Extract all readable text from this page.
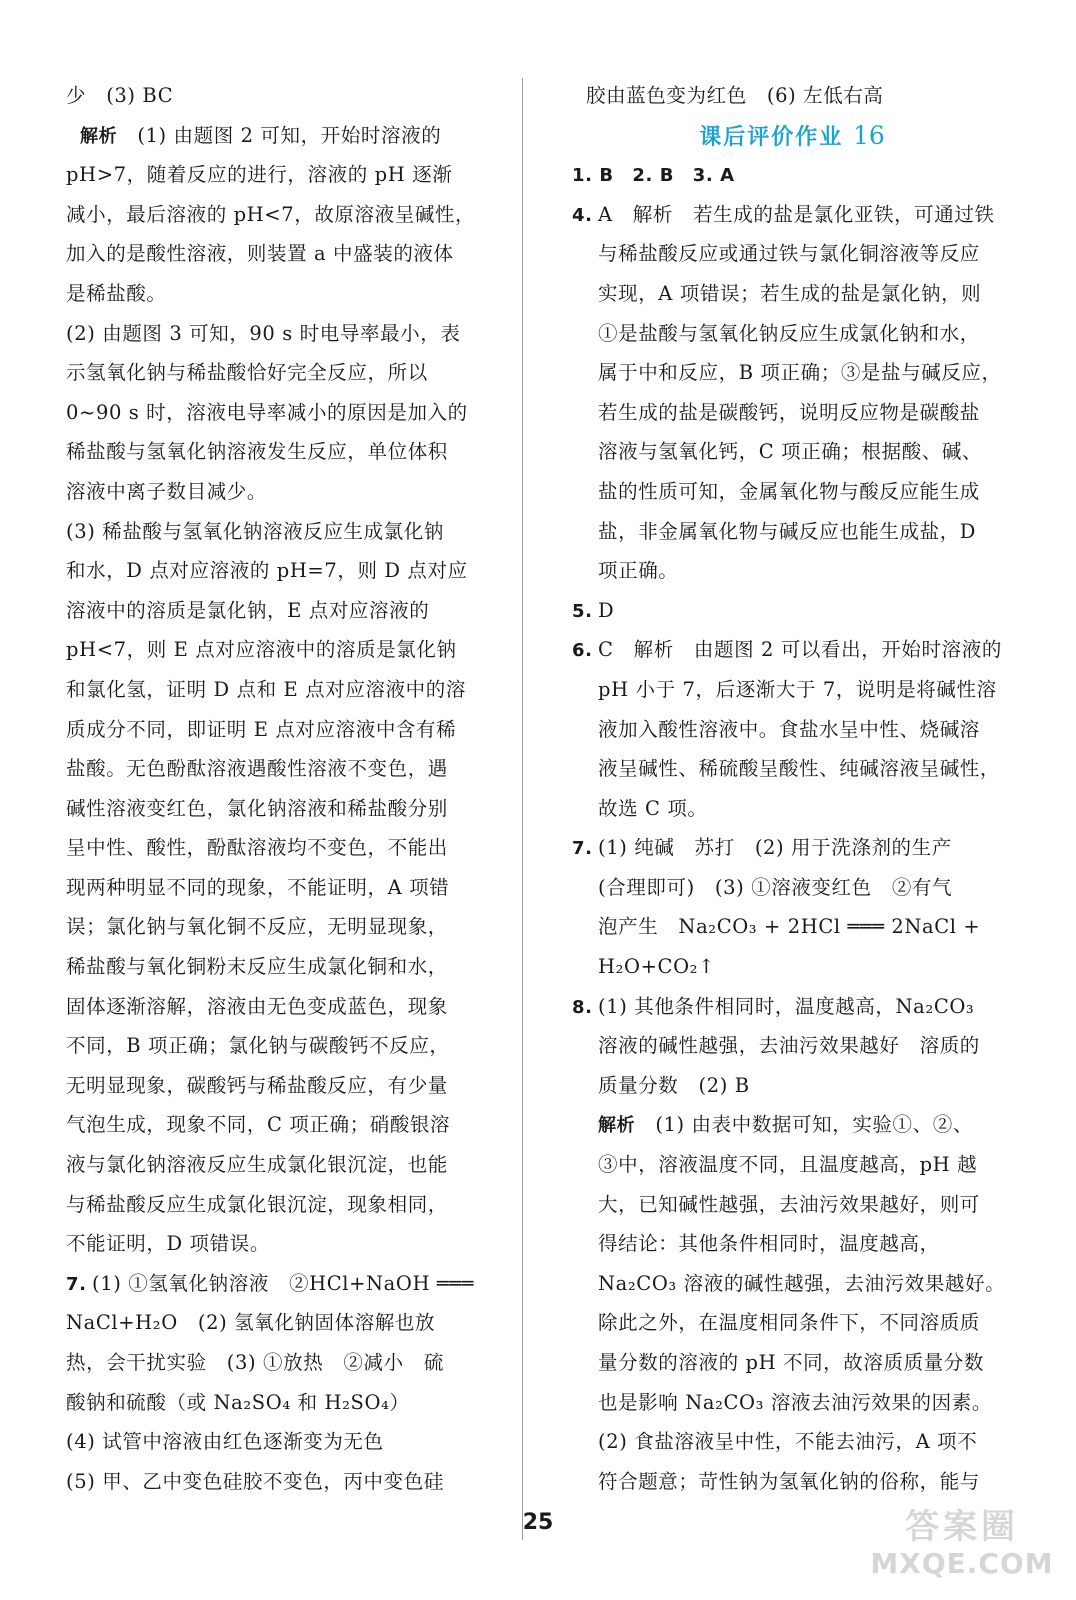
少　(3) BC
解析　 (1) 由题图 2 可知，开始时溶液的
pH>7，随着反应的进行，溶液的 pH 逐渐
减小，最后溶液的 pH<7，故原溶液呈碱性，
加入的是酸性溶液，则装置 a 中盛装的液体
是稀盐酸。
(2) 由题图 3 可知，90 s 时电导率最小，表
示氢氧化钠与稀盐酸恰好完全反应，所以
0~90 s 时，溶液电导率减小的原因是加入的
稀盐酸与氢氧化钠溶液发生反应，单位体积
溶液中离子数目减少。
(3) 稀盐酸与氢氧化钠溶液反应生成氯化钠
和水，D 点对应溶液的 pH=7，则 D 点对应
溶液中的溶质是氯化钠，E 点对应溶液的
pH<7，则 E 点对应溶液中的溶质是氯化钠
和氯化氢，证明 D 点和 E 点对应溶液中的溶
质成分不同，即证明 E 点对应溶液中含有稀
盐酸。无色酚酞溶液遇酸性溶液不变色，遇
碱性溶液变红色，氯化钠溶液和稀盐酸分别
呈中性、酸性，酚酞溶液均不变色，不能出
现两种明显不同的现象，不能证明，A 项错
误；氯化钠与氧化铜不反应，无明显现象，
稀盐酸与氧化铜粉末反应生成氯化铜和水，
固体逐渐溶解，溶液由无色变成蓝色，现象
不同，B 项正确；氯化钠与碳酸钙不反应，
无明显现象，碳酸钙与稀盐酸反应，有少量
气泡生成，现象不同，C 项正确；硝酸银溶
液与氯化钠溶液反应生成氯化银沉淀，也能
与稀盐酸反应生成氯化银沉淀，现象相同，
不能证明，D 项错误。
7. (1) ①氢氧化钠溶液　②HCl+NaOH ═══
NaCl+H₂O　(2) 氢氧化钠固体溶解也放
热，会干扰实验　(3) ①放热　②减小　硫
酸钠和硫酸（或 Na₂SO₄ 和 H₂SO₄）
(4) 试管中溶液由红色逐渐变为无色
(5) 甲、乙中变色硅胶不变色，丙中变色硅
胶由蓝色变为红色　(6) 左低右高
课后评价作业 16
1. B　2. B　3. A
4. A　解析　若生成的盐是氯化亚铁，可通过铁
与稀盐酸反应或通过铁与氯化铜溶液等反应
实现，A 项错误；若生成的盐是氯化钠，则
①是盐酸与氢氧化钠反应生成氯化钠和水，
属于中和反应，B 项正确；③是盐与碱反应，
若生成的盐是碳酸钙，说明反应物是碳酸盐
溶液与氢氧化钙，C 项正确；根据酸、碱、
盐的性质可知，金属氧化物与酸反应能生成
盐，非金属氧化物与碱反应也能生成盐，D
项正确。
5. D
6. C　解析　由题图 2 可以看出，开始时溶液的
pH 小于 7，后逐渐大于 7，说明是将碱性溶
液加入酸性溶液中。食盐水呈中性、烧碱溶
液呈碱性、稀硫酸呈酸性、纯碱溶液呈碱性，
故选 C 项。
7. (1) 纯碱　苏打　(2) 用于洗涤剂的生产
(合理即可)　(3) ①溶液变红色　②有气
泡产生　Na₂CO₃ + 2HCl ═══ 2NaCl +
H₂O+CO₂↑
8. (1) 其他条件相同时，温度越高，Na₂CO₃
溶液的碱性越强，去油污效果越好　溶质的
质量分数　(2) B
解析　 (1) 由表中数据可知，实验①、②、
③中，溶液温度不同，且温度越高，pH 越
大，已知碱性越强，去油污效果越好，则可
得结论：其他条件相同时，温度越高，
Na₂CO₃ 溶液的碱性越强，去油污效果越好。
除此之外，在温度相同条件下，不同溶质质
量分数的溶液的 pH 不同，故溶质质量分数
也是影响 Na₂CO₃ 溶液去油污效果的因素。
(2) 食盐溶液呈中性，不能去油污，A 项不
符合题意；苛性钠为氢氧化钠的俗称，能与
25	答案圈
MXQE.COM
